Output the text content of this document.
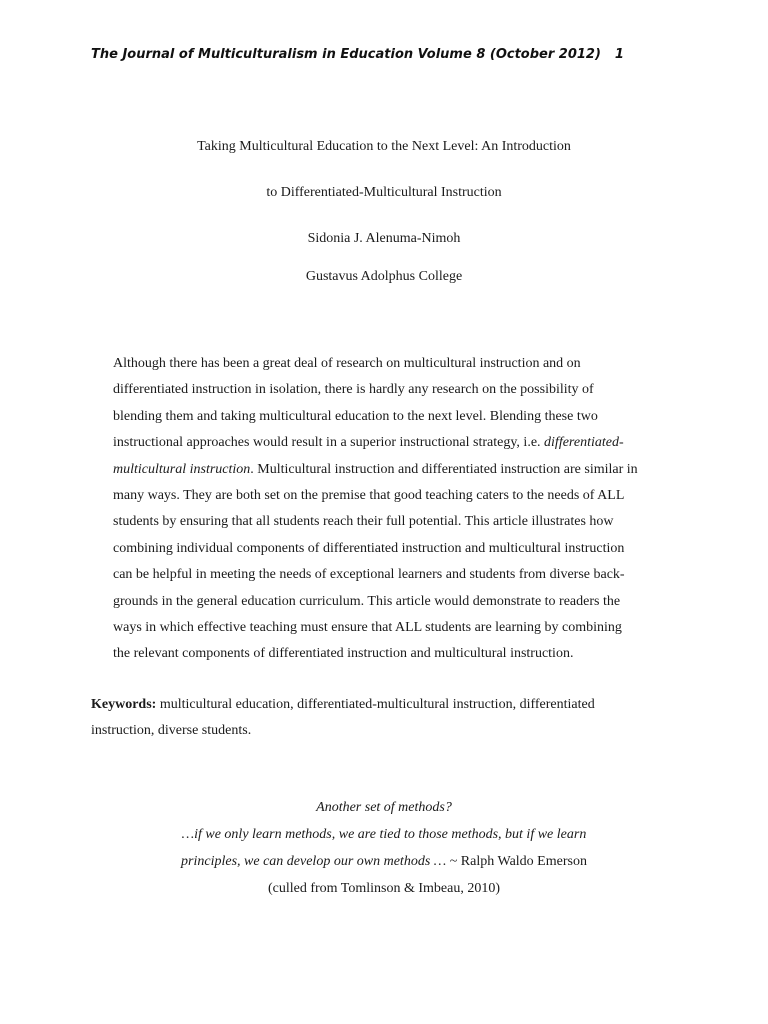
The Journal of Multiculturalism in Education Volume 8 (October 2012) 1
Taking Multicultural Education to the Next Level: An Introduction
to Differentiated-Multicultural Instruction
Sidonia J. Alenuma-Nimoh
Gustavus Adolphus College
Although there has been a great deal of research on multicultural instruction and on
differentiated instruction in isolation, there is hardly any research on the possibility of
blending them and taking multicultural education to the next level. Blending these two
instructional approaches would result in a superior instructional strategy, i.e. differentiated-
multicultural instruction. Multicultural instruction and differentiated instruction are similar in
many ways. They are both set on the premise that good teaching caters to the needs of ALL
students by ensuring that all students reach their full potential. This article illustrates how
combining individual components of differentiated instruction and multicultural instruction
can be helpful in meeting the needs of exceptional learners and students from diverse back-
grounds in the general education curriculum. This article would demonstrate to readers the
ways in which effective teaching must ensure that ALL students are learning by combining
the relevant components of differentiated instruction and multicultural instruction.
Keywords: multicultural education, differentiated-multicultural instruction, differentiated
instruction, diverse students.
Another set of methods?
…if we only learn methods, we are tied to those methods, but if we learn
principles, we can develop our own methods … ~ Ralph Waldo Emerson
(culled from Tomlinson & Imbeau, 2010)
